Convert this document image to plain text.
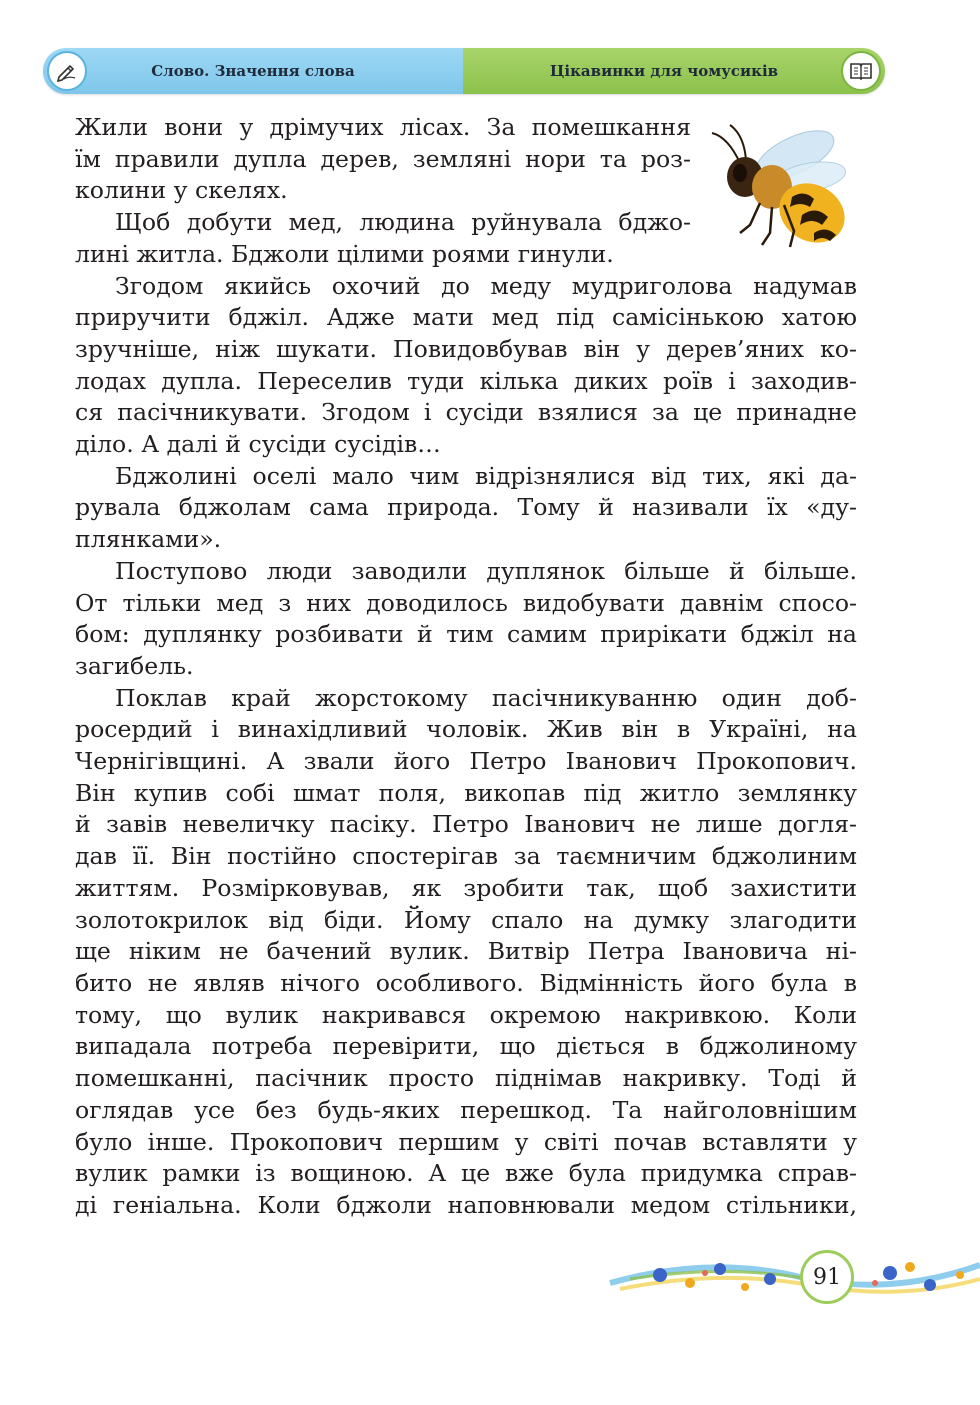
Слово. Значення слова	Цікавинки для чомусиків

Жили вони у дрімучих лісах. За помешкання

їм правили дупла дерев, земляні нори та роз-

колини у скелях.

Щоб добути мед, людина руйнувала бджо-

лині житла. Бджоли цілими роями гинули.

Згодом якийсь охочий до меду мудриголова надумав

приручити бджіл. Адже мати мед під самісінькою хатою

зручніше, ніж шукати. Повидовбував він у дерев’яних ко-

лодах дупла. Переселив туди кілька диких роїв і заходив-

ся пасічникувати. Згодом і сусіди взялися за це принадне

діло. А далі й сусіди сусідів…

Бджолині оселі мало чим відрізнялися від тих, які да-

рувала бджолам сама природа. Тому й називали їх «ду-

плянками».

Поступово люди заводили дуплянок більше й більше.

От тільки мед з них доводилось видобувати давнім спосо-

бом: дуплянку розбивати й тим самим прирікати бджіл на

загибель.

Поклав край жорстокому пасічникуванню один доб-

росердий і винахідливий чоловік. Жив він в Україні, на

Чернігівщині. А звали його Петро Іванович Прокопович.

Він купив собі шмат поля, викопав під житло землянку

й завів невеличку пасіку. Петро Іванович не лише догля-

дав її. Він постійно спостерігав за таємничим бджолиним

життям. Розмірковував, як зробити так, щоб захистити

золотокрилок від біди. Йому спало на думку злагодити

ще ніким не бачений вулик. Витвір Петра Івановича ні-

бито не являв нічого особливого. Відмінність його була в

тому, що вулик накривався окремою накривкою. Коли

випадала потреба перевірити, що діється в бджолиному

помешканні, пасічник просто піднімав накривку. Тоді й

оглядав усе без будь-яких перешкод. Та найголовнішим

було інше. Прокопович першим у світі почав вставляти у

вулик рамки із вощиною. А це вже була придумка справ-

ді геніальна. Коли бджоли наповнювали медом стільники,

91
